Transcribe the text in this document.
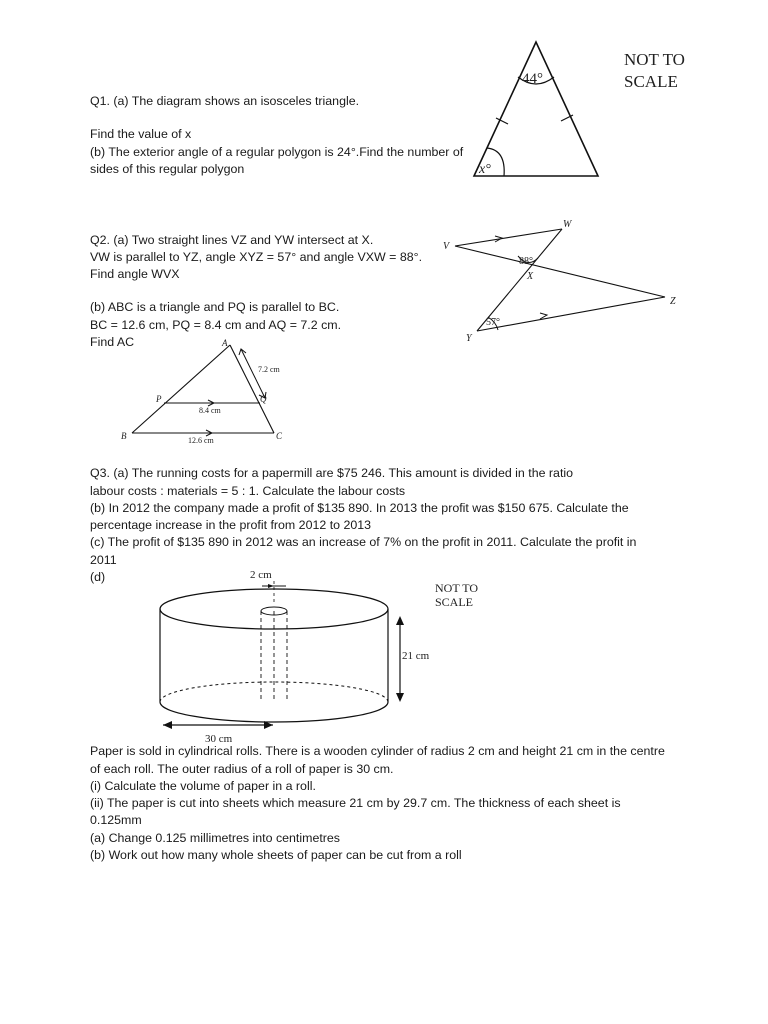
Q1. (a) The diagram shows an isosceles triangle.
Find the value of x
(b) The exterior angle of a regular polygon is 24°.Find the number of
sides of this regular polygon
44°
x°
NOT TO
SCALE
Q2. (a) Two straight lines VZ and YW intersect at X.
VW is parallel to YZ, angle XYZ = 57° and angle VXW = 88°.
Find angle WVX
(b) ABC is a triangle and PQ is parallel to BC.
BC = 12.6 cm, PQ = 8.4 cm and AQ = 7.2 cm.
Find AC
V
W
X
Y
Z
88°
57°
A
B	C
P	Q
7.2 cm
8.4 cm
12.6 cm
Q3. (a) The running costs for a papermill are $75 246. This amount is divided in the ratio
labour costs : materials = 5 : 1. Calculate the labour costs
(b) In 2012 the company made a profit of $135 890. In 2013 the profit was $150 675. Calculate the
percentage increase in the profit from 2012 to 2013
(c) The profit of $135 890 in 2012 was an increase of 7% on the profit in 2011. Calculate the profit in
2011
(d)	2 cm
21 cm
30 cm
NOT TO
SCALE
Paper is sold in cylindrical rolls. There is a wooden cylinder of radius 2 cm and height 21 cm in the centre
of each roll. The outer radius of a roll of paper is 30 cm.
(i) Calculate the volume of paper in a roll.
(ii) The paper is cut into sheets which measure 21 cm by 29.7 cm. The thickness of each sheet is
0.125mm
(a) Change 0.125 millimetres into centimetres
(b) Work out how many whole sheets of paper can be cut from a roll
